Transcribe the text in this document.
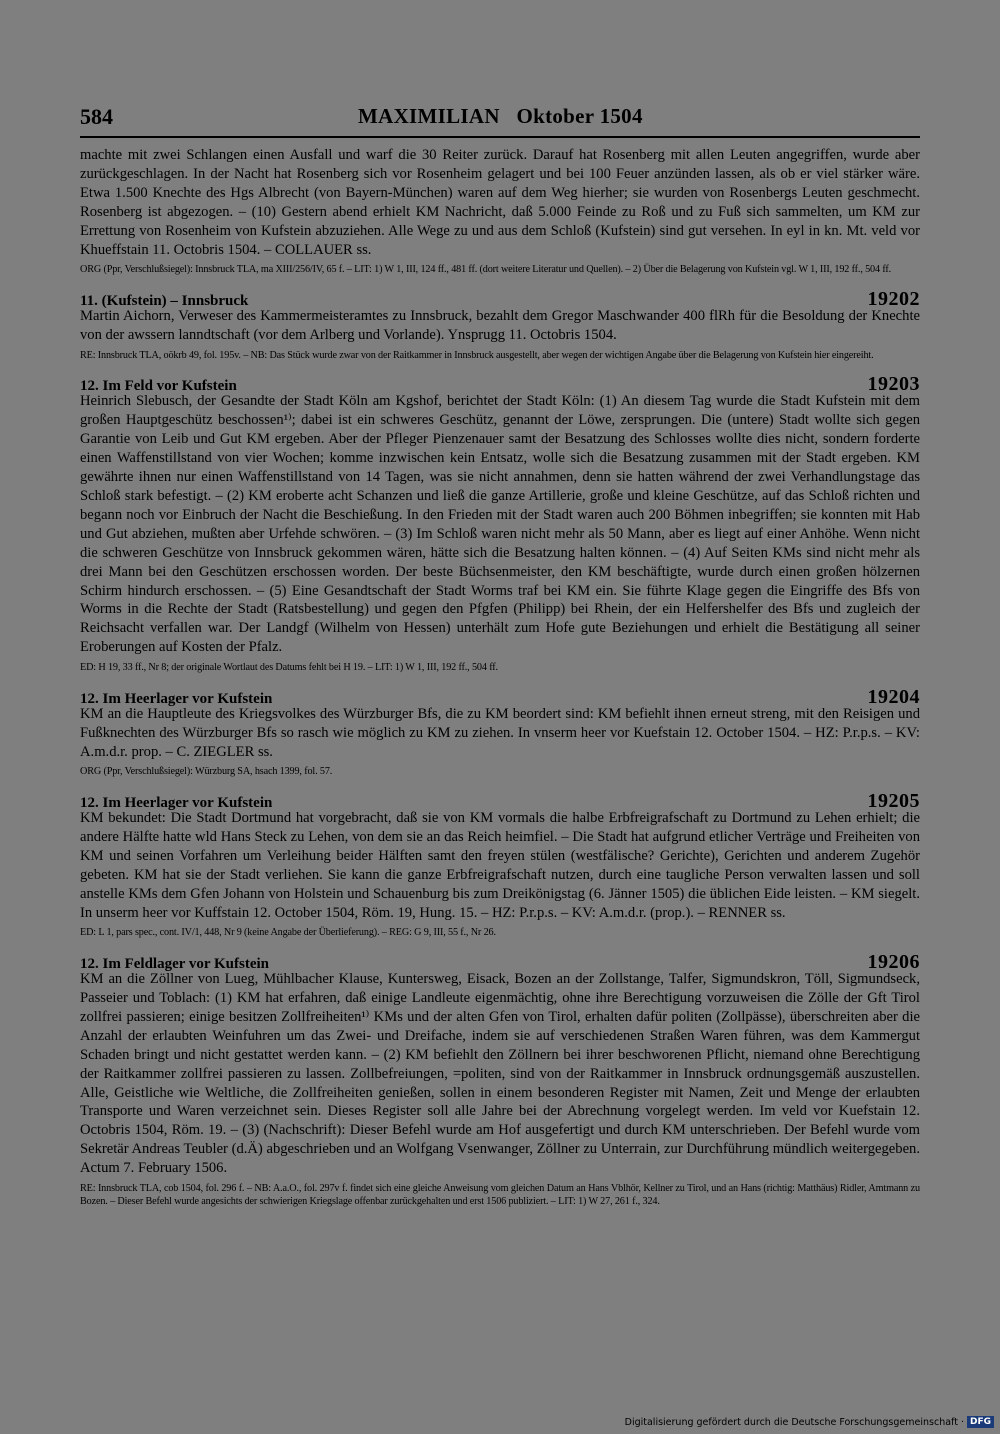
584	MAXIMILIAN   Oktober 1504

machte mit zwei Schlangen einen Ausfall und warf die 30 Reiter zurück. Darauf hat Rosenberg mit allen Leuten angegriffen, wurde aber zurückgeschlagen. In der Nacht hat Rosenberg sich vor Rosenheim gelagert und bei 100 Feuer anzünden lassen, als ob er viel stärker wäre. Etwa 1.500 Knechte des Hgs Albrecht (von Bayern-München) waren auf dem Weg hierher; sie wurden von Rosenbergs Leuten geschmecht. Rosenberg ist abgezogen. – (10) Gestern abend erhielt KM Nachricht, daß 5.000 Feinde zu Roß und zu Fuß sich sammelten, um KM zur Errettung von Rosenheim von Kufstein abzuziehen. Alle Wege zu und aus dem Schloß (Kufstein) sind gut versehen. In eyl in kn. Mt. veld vor Khueffstain 11. Octobris 1504. – COLLAUER ss.

ORG (Ppr, Verschlußsiegel): Innsbruck TLA, ma XIII/256/IV, 65 f. – LIT: 1) W 1, III, 124 ff., 481 ff. (dort weitere Literatur und Quellen). – 2) Über die Belagerung von Kufstein vgl. W 1, III, 192 ff., 504 ff.

11. (Kufstein) – Innsbruck	19202

Martin Aichorn, Verweser des Kammermeisteramtes zu Innsbruck, bezahlt dem Gregor Maschwander 400 flRh für die Besoldung der Knechte von der awssern lanndtschaft (vor dem Arlberg und Vorlande). Ynsprugg 11. Octobris 1504.

RE: Innsbruck TLA, oökrb 49, fol. 195v. – NB: Das Stück wurde zwar von der Raitkammer in Innsbruck ausgestellt, aber wegen der wichtigen Angabe über die Belagerung von Kufstein hier eingereiht.

12. Im Feld vor Kufstein	19203

Heinrich Slebusch, der Gesandte der Stadt Köln am Kgshof, berichtet der Stadt Köln: (1) An diesem Tag wurde die Stadt Kufstein mit dem großen Hauptgeschütz beschossen¹⁾; dabei ist ein schweres Geschütz, genannt der Löwe, zersprungen. Die (untere) Stadt wollte sich gegen Garantie von Leib und Gut KM ergeben. Aber der Pfleger Pienzenauer samt der Besatzung des Schlosses wollte dies nicht, sondern forderte einen Waffenstillstand von vier Wochen; komme inzwischen kein Entsatz, wolle sich die Besatzung zusammen mit der Stadt ergeben. KM gewährte ihnen nur einen Waffenstillstand von 14 Tagen, was sie nicht annahmen, denn sie hatten während der zwei Verhandlungstage das Schloß stark befestigt. – (2) KM eroberte acht Schanzen und ließ die ganze Artillerie, große und kleine Geschütze, auf das Schloß richten und begann noch vor Einbruch der Nacht die Beschießung. In den Frieden mit der Stadt waren auch 200 Böhmen inbegriffen; sie konnten mit Hab und Gut abziehen, mußten aber Urfehde schwören. – (3) Im Schloß waren nicht mehr als 50 Mann, aber es liegt auf einer Anhöhe. Wenn nicht die schweren Geschütze von Innsbruck gekommen wären, hätte sich die Besatzung halten können. – (4) Auf Seiten KMs sind nicht mehr als drei Mann bei den Geschützen erschossen worden. Der beste Büchsenmeister, den KM beschäftigte, wurde durch einen großen hölzernen Schirm hindurch erschossen. – (5) Eine Gesandtschaft der Stadt Worms traf bei KM ein. Sie führte Klage gegen die Eingriffe des Bfs von Worms in die Rechte der Stadt (Ratsbestellung) und gegen den Pfgfen (Philipp) bei Rhein, der ein Helfershelfer des Bfs und zugleich der Reichsacht verfallen war. Der Landgf (Wilhelm von Hessen) unterhält zum Hofe gute Beziehungen und erhielt die Bestätigung all seiner Eroberungen auf Kosten der Pfalz.

ED: H 19, 33 ff., Nr 8; der originale Wortlaut des Datums fehlt bei H 19. – LIT: 1) W 1, III, 192 ff., 504 ff.

12. Im Heerlager vor Kufstein	19204

KM an die Hauptleute des Kriegsvolkes des Würzburger Bfs, die zu KM beordert sind: KM befiehlt ihnen erneut streng, mit den Reisigen und Fußknechten des Würzburger Bfs so rasch wie möglich zu KM zu ziehen. In vnserm heer vor Kuefstain 12. October 1504. – HZ: P.r.p.s. – KV: A.m.d.r. prop. – C. ZIEGLER ss.

ORG (Ppr, Verschlußsiegel): Würzburg SA, hsach 1399, fol. 57.

12. Im Heerlager vor Kufstein	19205

KM bekundet: Die Stadt Dortmund hat vorgebracht, daß sie von KM vormals die halbe Erbfreigrafschaft zu Dortmund zu Lehen erhielt; die andere Hälfte hatte wld Hans Steck zu Lehen, von dem sie an das Reich heimfiel. – Die Stadt hat aufgrund etlicher Verträge und Freiheiten von KM und seinen Vorfahren um Verleihung beider Hälften samt den freyen stülen (westfälische? Gerichte), Gerichten und anderem Zugehör gebeten. KM hat sie der Stadt verliehen. Sie kann die ganze Erbfreigrafschaft nutzen, durch eine taugliche Person verwalten lassen und soll anstelle KMs dem Gfen Johann von Holstein und Schauenburg bis zum Dreikönigstag (6. Jänner 1505) die üblichen Eide leisten. – KM siegelt. In unserm heer vor Kuffstain 12. October 1504, Röm. 19, Hung. 15. – HZ: P.r.p.s. – KV: A.m.d.r. (prop.). – RENNER ss.

ED: L 1, pars spec., cont. IV/1, 448, Nr 9 (keine Angabe der Überlieferung). – REG: G 9, III, 55 f., Nr 26.

12. Im Feldlager vor Kufstein	19206

KM an die Zöllner von Lueg, Mühlbacher Klause, Kuntersweg, Eisack, Bozen an der Zollstange, Talfer, Sigmundskron, Töll, Sigmundseck, Passeier und Toblach: (1) KM hat erfahren, daß einige Landleute eigenmächtig, ohne ihre Berechtigung vorzuweisen die Zölle der Gft Tirol zollfrei passieren; einige besitzen Zollfreiheiten¹⁾ KMs und der alten Gfen von Tirol, erhalten dafür politen (Zollpässe), überschreiten aber die Anzahl der erlaubten Weinfuhren um das Zwei- und Dreifache, indem sie auf verschiedenen Straßen Waren führen, was dem Kammergut Schaden bringt und nicht gestattet werden kann. – (2) KM befiehlt den Zöllnern bei ihrer beschworenen Pflicht, niemand ohne Berechtigung der Raitkammer zollfrei passieren zu lassen. Zollbefreiungen, =politen, sind von der Raitkammer in Innsbruck ordnungsgemäß auszustellen. Alle, Geistliche wie Weltliche, die Zollfreiheiten genießen, sollen in einem besonderen Register mit Namen, Zeit und Menge der erlaubten Transporte und Waren verzeichnet sein. Dieses Register soll alle Jahre bei der Abrechnung vorgelegt werden. Im veld vor Kuefstain 12. Octobris 1504, Röm. 19. – (3) (Nachschrift): Dieser Befehl wurde am Hof ausgefertigt und durch KM unterschrieben. Der Befehl wurde vom Sekretär Andreas Teubler (d.Ä) abgeschrieben und an Wolfgang Vsenwanger, Zöllner zu Unterrain, zur Durchführung mündlich weitergegeben. Actum 7. February 1506.

RE: Innsbruck TLA, cob 1504, fol. 296 f. – NB: A.a.O., fol. 297v f. findet sich eine gleiche Anweisung vom gleichen Datum an Hans Vblhör, Kellner zu Tirol, und an Hans (richtig: Matthäus) Ridler, Amtmann zu Bozen. – Dieser Befehl wurde angesichts der schwierigen Kriegslage offenbar zurückgehalten und erst 1506 publiziert. – LIT: 1) W 27, 261 f., 324.

Digitalisierung gefördert durch die Deutsche Forschungsgemeinschaft · DFG
